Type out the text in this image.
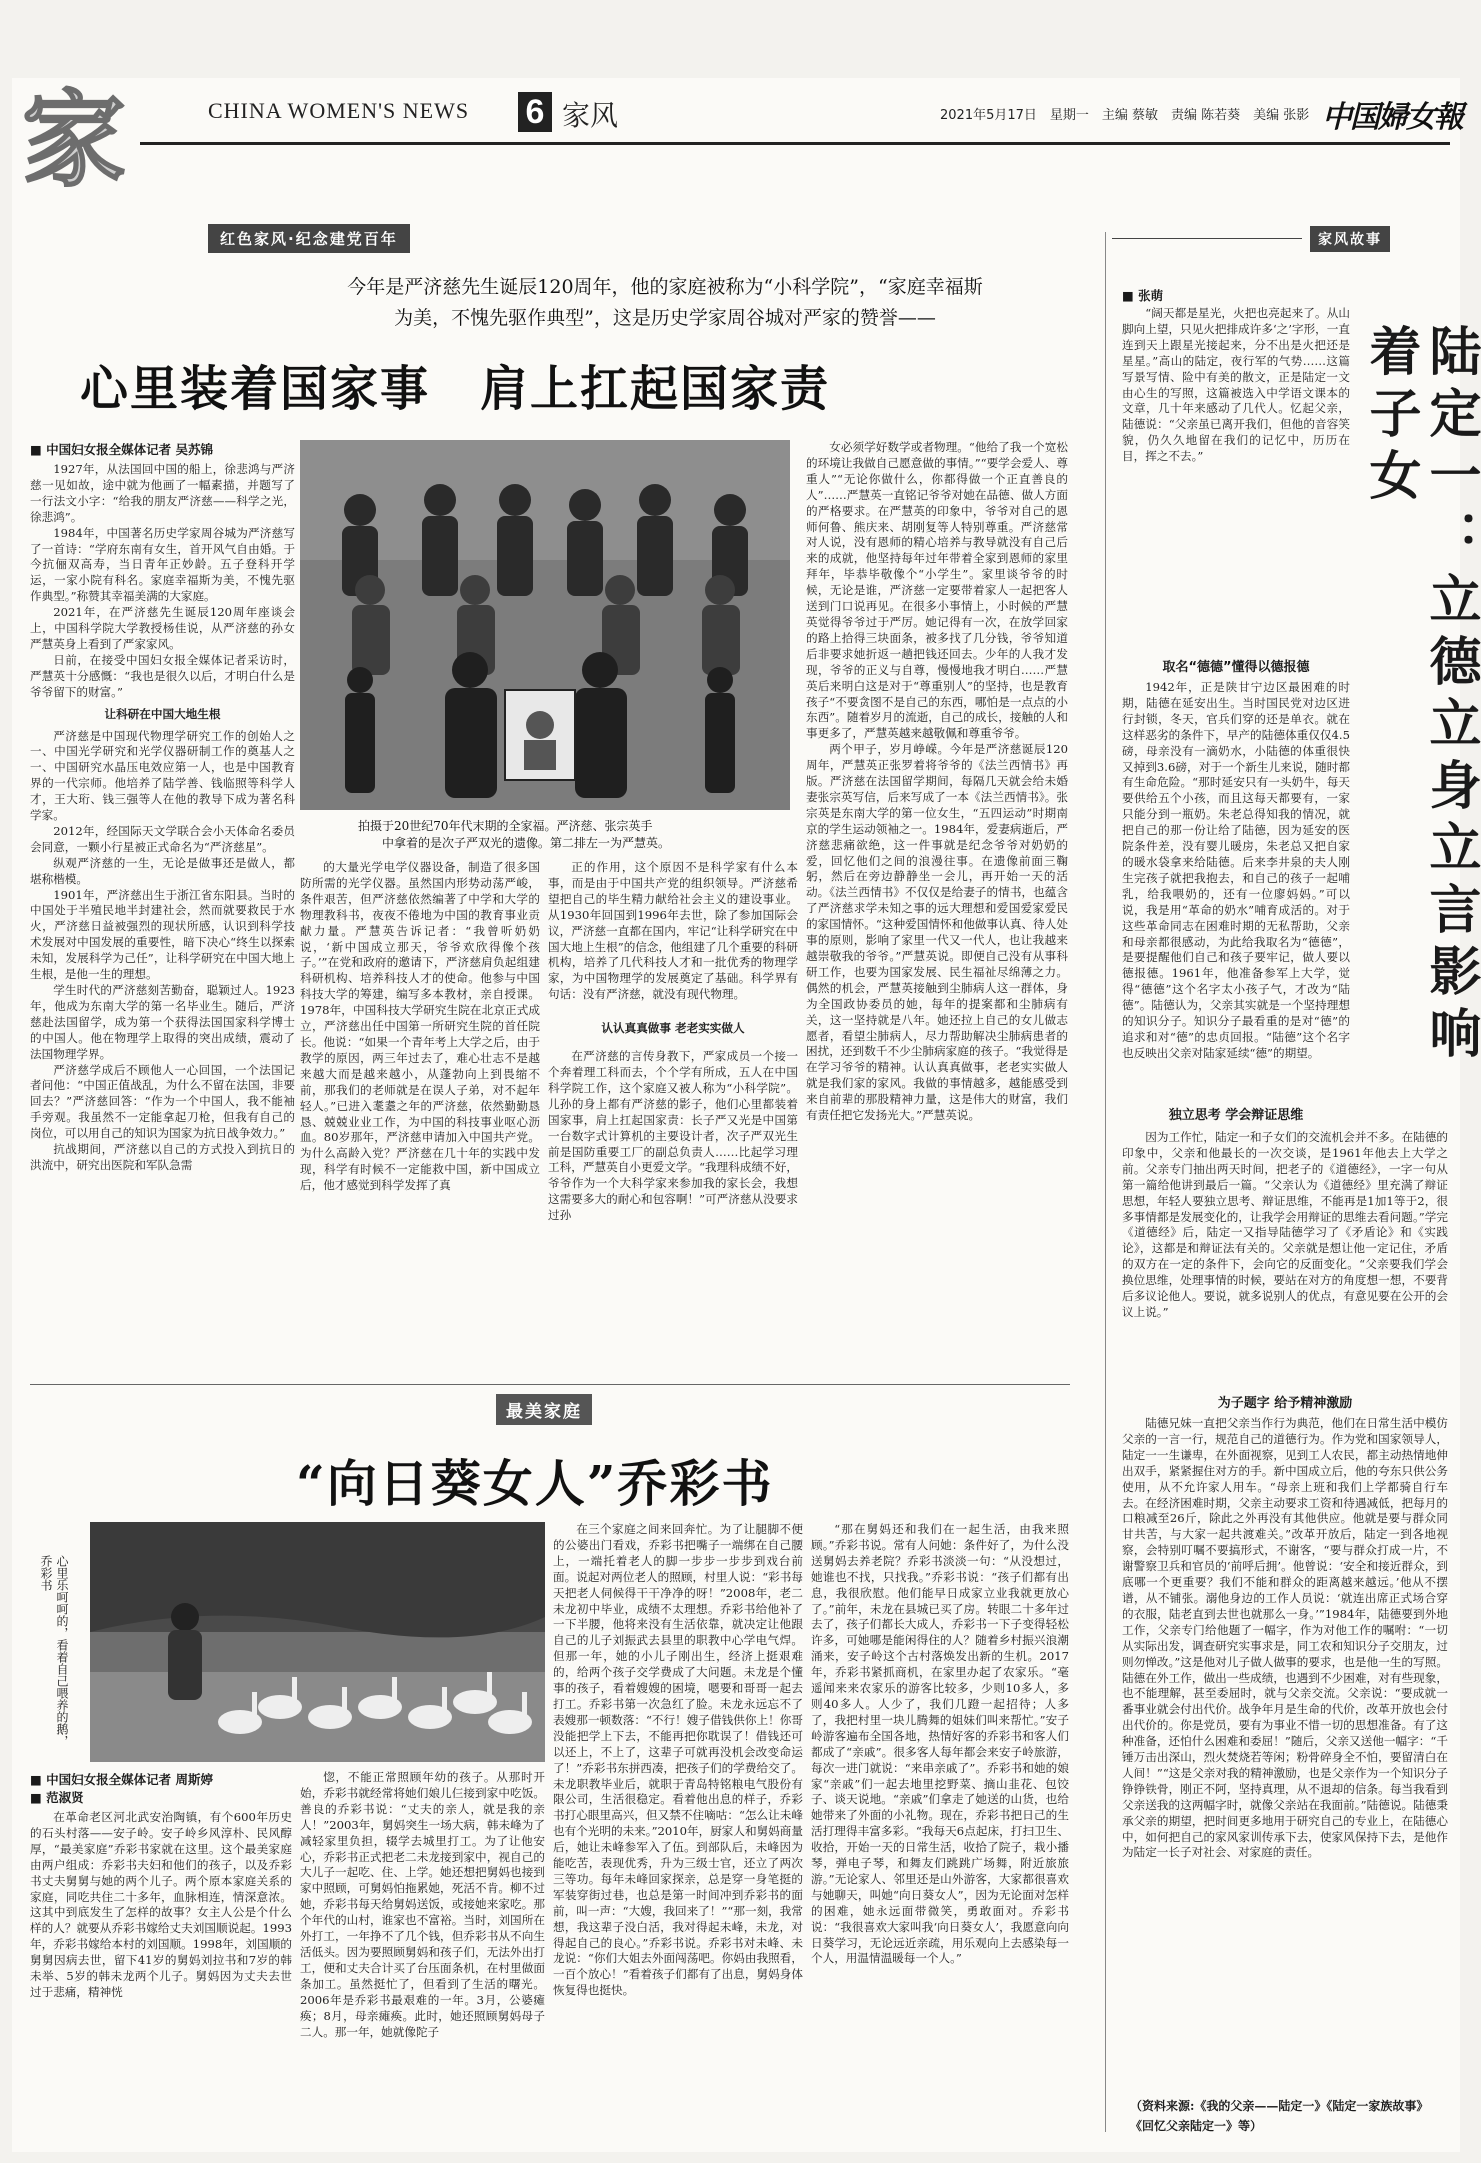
家	CHINA WOMEN'S NEWS 6 家风	2021年5月17日　星期一　主编 蔡敏　责编 陈若葵　美编 张影 中国婦女報
红色家风·纪念建党百年
今年是严济慈先生诞辰120周年，他的家庭被称为“小科学院”，“家庭幸福斯
为美，不愧先驱作典型”，这是历史学家周谷城对严家的赞誉——
心里装着国家事　肩上扛起国家责
■ 中国妇女报全媒体记者 吴苏锦

1927年，从法国回中国的船上，徐悲鸿与严济慈一见如故，途中就为他画了一幅素描，并题写了一行法文小字：“给我的朋友严济慈——科学之光，徐悲鸿”。

1984年，中国著名历史学家周谷城为严济慈写了一首诗：“学府东南有女生，首开风气自由婚。于今抗俪双高寿，当日青年正妙龄。五子登科开学运，一家小院有科名。家庭幸福斯为美，不愧先驱作典型。”称赞其幸福美满的大家庭。

2021年，在严济慈先生诞辰120周年座谈会上，中国科学院大学教授杨佳说，从严济慈的孙女严慧英身上看到了严家家风。

日前，在接受中国妇女报全媒体记者采访时，严慧英十分感慨：“我也是很久以后，才明白什么是爷爷留下的财富。”

让科研在中国大地生根

严济慈是中国现代物理学研究工作的创始人之一、中国光学研究和光学仪器研制工作的奠基人之一、中国研究水晶压电效应第一人，也是中国教育界的一代宗师。他培养了陆学善、钱临照等科学人才，王大珩、钱三强等人在他的教导下成为著名科学家。

2012年，经国际天文学联合会小天体命名委员会同意，一颗小行星被正式命名为“严济慈星”。

纵观严济慈的一生，无论是做事还是做人，都堪称楷模。

1901年，严济慈出生于浙江省东阳县。当时的中国处于半殖民地半封建社会，然而就要救民于水火，严济慈日益被强烈的现状所感，认识到科学技术发展对中国发展的重要性，暗下决心“终生以探索未知，发展科学为己任”，让科学研究在中国大地上生根，是他一生的理想。

学生时代的严济慈刻苦勤奋，聪颖过人。1923年，他成为东南大学的第一名毕业生。随后，严济慈赴法国留学，成为第一个获得法国国家科学博士的中国人。他在物理学上取得的突出成绩，震动了法国物理学界。

严济慈学成后不顾他人一心回国，一个法国记者问他：“中国正值战乱，为什么不留在法国，非要回去？”严济慈回答：“作为一个中国人，我不能袖手旁观。我虽然不一定能拿起刀枪，但我有自己的岗位，可以用自己的知识为国家为抗日战争效力。”

抗战期间，严济慈以自己的方式投入到抗日的洪流中，研究出医院和军队急需

拍摄于20世纪70年代末期的全家福。严济慈、张宗英手
中拿着的是次子严双光的遗像。第二排左一为严慧英。
的大量光学电学仪器设备，制造了很多国防所需的光学仪器。虽然国内形势动荡严峻，条件艰苦，但严济慈依然编著了中学和大学的物理教科书，夜夜不倦地为中国的教育事业贡献力量。严慧英告诉记者：“我曾听奶奶说，‘新中国成立那天，爷爷欢欣得像个孩子。’”在党和政府的邀请下，严济慈肩负起组建科研机构、培养科技人才的使命。他参与中国科技大学的筹建，编写多本教材，亲自授课。1978年，中国科技大学研究生院在北京正式成立，严济慈出任中国第一所研究生院的首任院长。他说：“如果一个青年考上大学之后，由于教学的原因，两三年过去了，难心壮志不是越来越大而是越来越小，从蓬勃向上到畏缩不前，那我们的老师就是在误人子弟，对不起年轻人。”已进入耄耋之年的严济慈，依然勤勤恳恳、兢兢业业工作，为中国的科技事业呕心沥血。80岁那年，严济慈申请加入中国共产党。为什么高龄入党？严济慈在几十年的实践中发现，科学有时候不一定能救中国，新中国成立后，他才感觉到科学发挥了真

正的作用，这个原因不是科学家有什么本事，而是由于中国共产党的组织领导。严济慈希望把自己的毕生精力献给社会主义的建设事业。从1930年回国到1996年去世，除了参加国际会议，严济慈一直都在国内，牢记“让科学研究在中国大地上生根”的信念，他组建了几个重要的科研机构，培养了几代科技人才和一批优秀的物理学家，为中国物理学的发展奠定了基础。科学界有句话：没有严济慈，就没有现代物理。

认认真真做事 老老实实做人

在严济慈的言传身教下，严家成员一个接一个奔着理工科而去，个个学有所成，五人在中国科学院工作，这个家庭又被人称为“小科学院”。儿孙的身上都有严济慈的影子，他们心里都装着国家事，肩上扛起国家责：长子严又光是中国第一台数字式计算机的主要设计者，次子严双光生前是国防重要工厂的副总负责人……比起学习理工科，严慧英自小更爱文学。“我理科成绩不好，爷爷作为一个大科学家来参加我的家长会，我想这需要多大的耐心和包容啊！”可严济慈从没要求过孙

女必须学好数学或者物理。“他给了我一个宽松的环境让我做自己愿意做的事情。”“要学会爱人、尊重人”“无论你做什么，你都得做一个正直善良的人”……严慧英一直铭记爷爷对她在品德、做人方面的严格要求。在严慧英的印象中，爷爷对自己的恩师何鲁、熊庆来、胡刚复等人特别尊重。严济慈常对人说，没有恩师的精心培养与教导就没有自己后来的成就，他坚持每年过年带着全家到恩师的家里拜年，毕恭毕敬像个“小学生”。家里谈爷爷的时候，无论是谁，严济慈一定要带着家人一起把客人送到门口说再见。在很多小事情上，小时候的严慧英觉得爷爷过于严厉。她记得有一次，在放学回家的路上拾得三块面条，被多找了几分钱，爷爷知道后非要求她折返一趟把钱还回去。少年的人我才发现，爷爷的正义与自尊，慢慢地我才明白……严慧英后来明白这是对于“尊重别人”的坚持，也是教育孩子“不要贪图不是自己的东西，哪怕是一点点的小东西”。随着岁月的流逝，自己的成长，接触的人和事更多了，严慧英越来越敬佩和尊重爷爷。

两个甲子，岁月峥嵘。今年是严济慈诞辰120周年，严慧英正张罗着将爷爷的《法兰西情书》再版。严济慈在法国留学期间，每隔几天就会给未婚妻张宗英写信，后来写成了一本《法兰西情书》。张宗英是东南大学的第一位女生，“五四运动”时期南京的学生运动领袖之一。1984年，爱妻病逝后，严济慈悲痛欲绝，这一件事就是纪念爷爷对奶奶的爱，回忆他们之间的浪漫往事。在遗像前面三鞠躬，然后在旁边静静坐一会儿，再开始一天的活动。《法兰西情书》不仅仅是给妻子的情书，也蕴含了严济慈求学未知之事的远大理想和爱国爱家爱民的家国情怀。“这种爱国情怀和他做事认真、待人处事的原则，影响了家里一代又一代人，也让我越来越崇敬我的爷爷。”严慧英说。即便自己没有从事科研工作，也要为国家发展、民生福祉尽绵薄之力。偶然的机会，严慧英接触到尘肺病人这一群体，身为全国政协委员的她，每年的提案都和尘肺病有关，这一坚持就是八年。她还拉上自己的女儿做志愿者，看望尘肺病人，尽力帮助解决尘肺病患者的困扰，还到数千不少尘肺病家庭的孩子。“我觉得是在学习爷爷的精神。认认真真做事，老老实实做人就是我们家的家风。我做的事情越多，越能感受到来自前辈的那股精神力量，这是伟大的财富，我们有责任把它发扬光大。”严慧英说。

最美家庭
“向日葵女人”乔彩书
心里乐呵呵的，看着自己喂养的鹅，乔彩书
■ 中国妇女报全媒体记者 周斯婷
■ 范淑贤
在革命老区河北武安治陶镇，有个600年历史的石头村落——安子岭。安子岭乡风淳朴、民风醇厚，“最美家庭”乔彩书家就在这里。这个最美家庭由两户组成：乔彩书夫妇和他们的孩子，以及乔彩书丈夫舅舅与她的两个儿子。两个原本家庭关系的家庭，同吃共住二十多年，血脉相连，情深意浓。这其中到底发生了怎样的故事？女主人公是个什么样的人？就要从乔彩书嫁给丈夫刘国顺说起。1993年，乔彩书嫁给本村的刘国顺。1998年，刘国顺的舅舅因病去世，留下41岁的舅妈刘拉书和7岁的韩未举、5岁的韩未龙两个儿子。舅妈因为丈夫去世过于悲痛，精神恍
惚，不能正常照顾年幼的孩子。从那时开始，乔彩书就经常将她们娘儿仨接到家中吃饭。善良的乔彩书说：“丈夫的亲人，就是我的亲人！”2003年，舅妈突生一场大病，韩未峰为了减轻家里负担，辍学去城里打工。为了让他安心，乔彩书正式把老二未龙接到家中，视自己的大儿子一起吃、住、上学。她还想把舅妈也接到家中照顾，可舅妈怕拖累她，死活不肯。柳不过她，乔彩书每天给舅妈送饭，或接她来家吃。那个年代的山村，谁家也不富裕。当时，刘国所在外打工，一年挣不了几个钱，但乔彩书从不向生活低头。因为要照顾舅妈和孩子们，无法外出打工，便和丈夫合计买了台压面条机，在村里做面条加工。虽然挺忙了，但看到了生活的曙光。2006年是乔彩书最艰难的一年。3月，公婆瘫痪；8月，母亲瘫痪。此时，她还照顾舅妈母子二人。那一年，她就像陀子
在三个家庭之间来回奔忙。为了让腿脚不便的公婆出门看戏，乔彩书把嘴子一端绑在自己腰上，一端托着老人的脚一步步一步步到戏台前面。说起对两位老人的照顾，村里人说：“彩书每天把老人伺候得干干净净的呀！”2008年，老二未龙初中毕业，成绩不太理想。乔彩书给他补了一下半腰，他将来没有生活依靠，就决定让他跟自己的儿子刘振武去县里的职教中心学电气焊。但那一年，她的小儿子刚出生，经济上挺艰难的，给两个孩子交学费成了大问题。未龙是个懂事的孩子，看着嫂嫂的困境，嗯要和哥哥一起去打工。乔彩书第一次急红了脸。未龙永远忘不了表嫂那一顿数落：“不行！嫂子借钱供你上！你哥没能把学上下去，不能再把你耽误了！借钱还可以还上，不上了，这辈子可就再没机会改变命运了！”乔彩书东拼西凑，把孩子们的学费给交了。未龙职教毕业后，就职于青岛特铭粮电气股份有限公司，生活很稳定。看着他出息的样子，乔彩书打心眼里高兴，但又禁不住嘀咕：“怎么让未峰也有个光明的未来。”2010年，厨家人和舅妈商量后，她让未峰参军入了伍。到部队后，未峰因为能吃苦，表现优秀，升为三级士官，还立了两次三等功。每年未峰回家探亲，总是穿一身笔挺的军装穿街过巷，也总是第一时间冲到乔彩书的面前，叫一声：“大嫂，我回来了！”“那一刻，我常想，我这辈子没白活，我对得起未峰，未龙，对得起自己的良心。”乔彩书说。乔彩书对未峰、未龙说：“你们大姐去外面闯荡吧。你妈由我照看，一百个放心！”看着孩子们都有了出息，舅妈身体恢复得也挺快。
“那在舅妈还和我们在一起生活，由我来照顾。”乔彩书说。常有人问她：条件好了，为什么没送舅妈去养老院？乔彩书淡淡一句：“从没想过，她谁也不找，只找我。”乔彩书说：“孩子们都有出息，我很欣慰。他们能早日成家立业我就更放心了。”前年，未龙在县城已买了房。转眼二十多年过去了，孩子们都长大成人，乔彩书一下子变得轻松许多，可她哪是能闲得住的人？随着乡村振兴浪潮涌来，安子岭这个古村落焕发出新的生机。2017年，乔彩书紧抓商机，在家里办起了农家乐。“毫遥闻来来农家乐的游客比较多，少则10多人，多则40多人。人少了，我们几蹬一起招待；人多了，我把村里一块儿腾舞的姐妹们叫来帮忙。”安子岭游客遍布全国各地，热情好客的乔彩书和客人们都成了“亲戚”。很多客人每年都会来安子岭旅游，每次一进门就说：“来串亲戚了”。乔彩书和她的娘家“亲戚”们一起去地里挖野菜、摘山韭花、包饺子、谈天说地。“亲戚”们拿走了她送的山货，也给她带来了外面的小礼物。现在，乔彩书把日己的生活打理得丰富多彩。“我每天6点起床，打扫卫生、收拾，开始一天的日常生活，收拾了院子，栽小播琴，弹电子琴，和舞友们跳跳广场舞，附近旅旅游。”无论家人、邻里还是山外游客，大家都很喜欢与她聊天，叫她“向日葵女人”，因为无论面对怎样的困难，她永远面带微笑，勇敢面对。乔彩书说：“我很喜欢大家叫我‘向日葵女人’，我愿意向向日葵学习，无论远近亲疏，用乐观向上去感染每一个人，用温情温暖每一个人。”
家风故事
■ 张萌
陆定一：立德立身立言影响着子女
“阔天都是星光，火把也亮起来了。从山脚向上望，只见火把排成许多‘之’字形，一直连到天上跟星光接起来，分不出是火把还是星星。”高山的陆定，夜行军的气势……这篇写景写情、险中有美的散文，正是陆定一文由心生的写照，这篇被选入中学语文课本的文章，几十年来感动了几代人。忆起父亲，陆德说：“父亲虽已离开我们，但他的音容笑貌，仍久久地留在我们的记忆中，历历在目，挥之不去。”
取名“德德”懂得以德报德
1942年，正是陕甘宁边区最困难的时期，陆德在延安出生。当时国民党对边区进行封锁，冬天，官兵们穿的还是单衣。就在这样恶劣的条件下，早产的陆德体重仅仅4.5磅，母亲没有一滴奶水，小陆德的体重很快又掉到3.6磅，对于一个新生儿来说，随时都有生命危险。“那时延安只有一头奶牛，每天要供给五个小孩，而且这每天都要有，一家只能分到一瓶奶。朱老总得知我的情况，就把自己的那一份让给了陆德，因为延安的医院条件差，没有婴儿暖房，朱老总又把自家的暖水袋拿来给陆德。后来李井泉的夫人刚生完孩子就把我抱去，和自己的孩子一起哺乳，给我喂奶的，还有一位廖妈妈。”可以说，我是用“革命的奶水”哺育成活的。对于这些革命同志在困难时期的无私帮助，父亲和母亲都很感动，为此给我取名为“德德”，是要提醒他们自己和孩子要牢记，做人要以德报德。1961年，他准备参军上大学，觉得“德德”这个名字太小孩子气，才改为“陆德”。陆德认为，父亲其实就是一个坚持理想的知识分子。知识分子最看重的是对“德”的追求和对“德”的忠贞回报。“陆德”这个名字也反映出父亲对陆家延续“德”的期望。
独立思考 学会辩证思维
因为工作忙，陆定一和子女们的交流机会并不多。在陆德的印象中，父亲和他最长的一次交谈，是1961年他去上大学之前。父亲专门抽出两天时间，把老子的《道德经》，一字一句从第一篇给他讲到最后一篇。“父亲认为《道德经》里充满了辩证思想，年轻人要独立思考、辩证思维，不能再是1加1等于2，很多事情都是发展变化的，让我学会用辩证的思维去看问题。”学完《道德经》后，陆定一又指导陆德学习了《矛盾论》和《实践论》，这都是和辩证法有关的。父亲就是想让他一定记住，矛盾的双方在一定的条件下，会向它的反面变化。“父亲要我们学会换位思维，处理事情的时候，要站在对方的角度想一想，不要背后多议论他人。要说，就多说别人的优点，有意见要在公开的会议上说。”
为子题字 给予精神激励
陆德兄妹一直把父亲当作行为典范，他们在日常生活中模仿父亲的一言一行，规范自己的道德行为。作为党和国家领导人，陆定一一生谦卑，在外面视察，见到工人农民，都主动热情地伸出双手，紧紧握住对方的手。新中国成立后，他的夸东只供公务使用，从不允许家人用车。“母亲上班和我们上学都骑自行车去。在经济困难时期，父亲主动要求工资和待遇减低，把每月的口粮减至26斤，除此之外再没有其他供应。他就是要与群众同甘共苦，与大家一起共渡难关。”改革开放后，陆定一到各地视察，会特别叮嘱不要搞形式，不谢客，“要与群众打成一片，不谢警察卫兵和官员的‘前呼后拥’。他曾说：‘安全和接近群众，到底哪一个更重要？我们不能和群众的距离越来越远。’他从不摆谱，从不铺张。溺他身边的工作人员说：‘就连出席正式场合穿的衣服，陆老直到去世也就那么一身。’”1984年，陆德要到外地工作，父亲专门给他题了一幅字，作为对他工作的嘱咐：“一切从实际出发，调查研究实事求是，同工农和知识分子交朋友，过则勿惮改。”这是他对儿子做人做事的要求，也是他一生的写照。陆德在外工作，做出一些成绩，也遇到不少困难，对有些现象，也不能理解，甚至委屈时，就与父亲交流。父亲说：“要成就一番事业就会付出代价。战争年月是生命的代价，改革开放也会付出代价的。你是党员，要有为事业不惜一切的思想准备。有了这种准备，还怕什么困难和委屈！”随后，父亲又送他一幅字：“千锤万击出深山，烈火焚烧若等闲；粉骨碎身全不怕，要留清白在人间！”“这是父亲对我的精神激励，也是父亲作为一个知识分子铮铮铁骨，刚正不阿，坚持真理，从不退却的信条。每当我看到父亲送我的这两幅字时，就像父亲站在我面前。”陆德说。陆德秉承父亲的期望，把时间更多地用于研究自己的专业上，在陆德心中，如何把自己的家风家训传承下去，使家风保持下去，是他作为陆定一长子对社会、对家庭的责任。
（资料来源:《我的父亲——陆定一》《陆定一家族故事》《回忆父亲陆定一》等）
